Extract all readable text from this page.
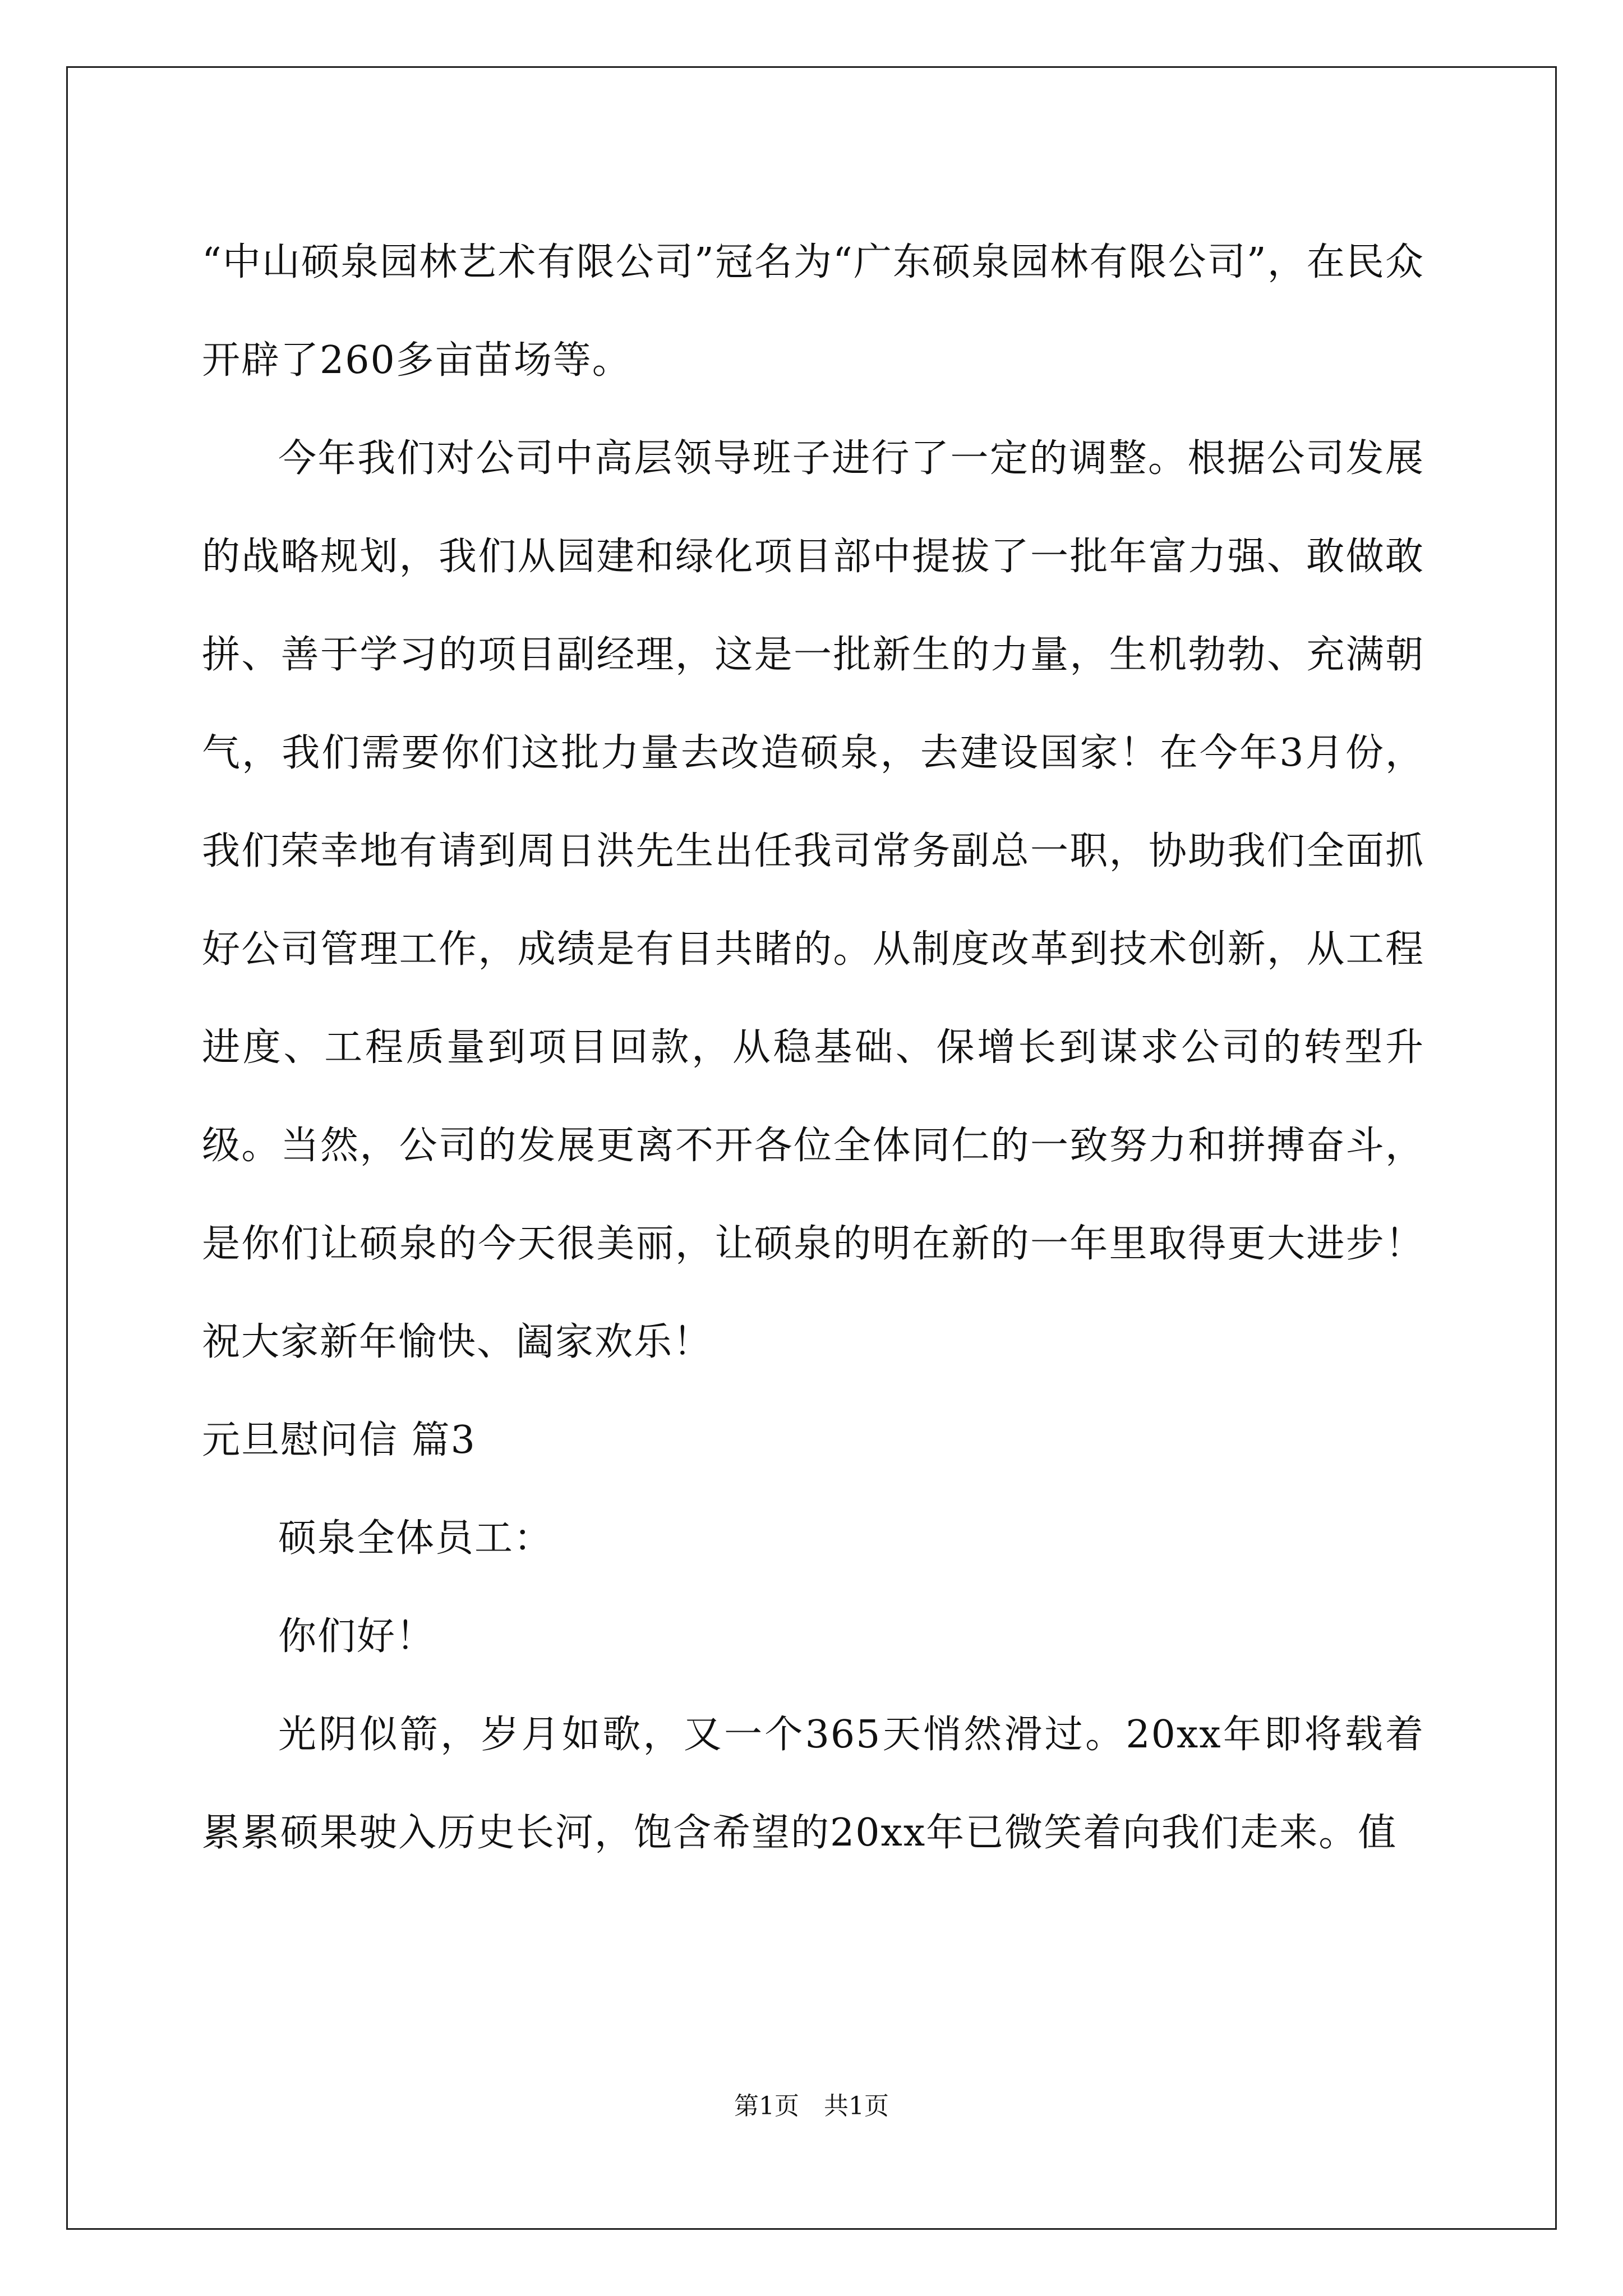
“中山硕泉园林艺术有限公司”冠名为“广东硕泉园林有限公司”，在民众开辟了260多亩苗场等。

今年我们对公司中高层领导班子进行了一定的调整。根据公司发展的战略规划，我们从园建和绿化项目部中提拔了一批年富力强、敢做敢拼、善于学习的项目副经理，这是一批新生的力量，生机勃勃、充满朝气，我们需要你们这批力量去改造硕泉，去建设国家！在今年3月份，我们荣幸地有请到周日洪先生出任我司常务副总一职，协助我们全面抓好公司管理工作，成绩是有目共睹的。从制度改革到技术创新，从工程进度、工程质量到项目回款，从稳基础、保增长到谋求公司的转型升级。当然，公司的发展更离不开各位全体同仁的一致努力和拼搏奋斗，是你们让硕泉的今天很美丽，让硕泉的明在新的一年里取得更大进步！祝大家新年愉快、阖家欢乐！

元旦慰问信 篇3

硕泉全体员工：

你们好！

光阴似箭，岁月如歌，又一个365天悄然滑过。20xx年即将载着累累硕果驶入历史长河，饱含希望的20xx年已微笑着向我们走来。值

第1页　共1页
